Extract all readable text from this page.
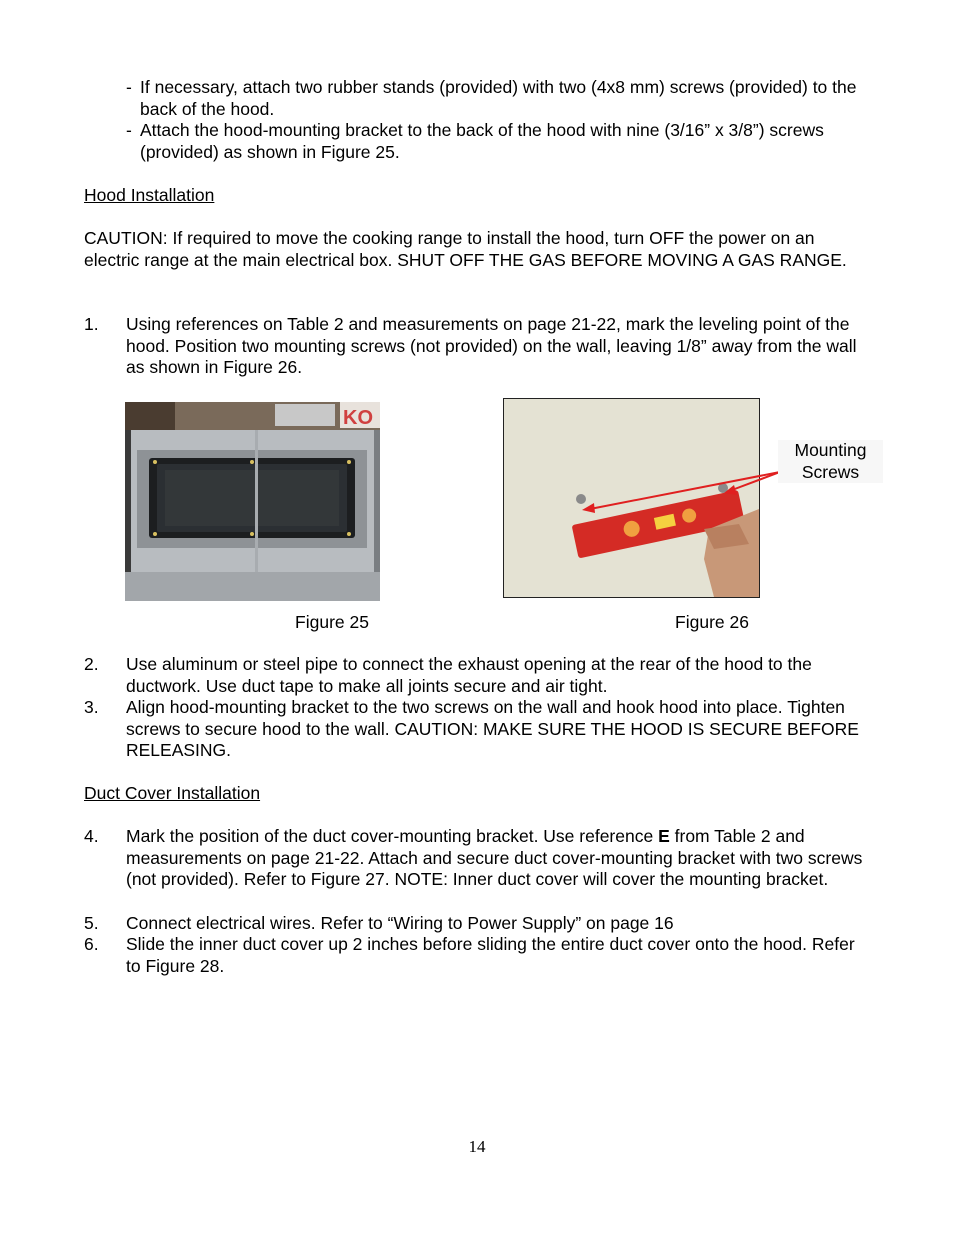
- If necessary, attach two rubber stands (provided) with two (4x8 mm) screws (provided) to the back of the hood.
- Attach the hood-mounting bracket to the back of the hood with nine (3/16” x 3/8”) screws (provided) as shown in Figure 25.
Hood Installation
CAUTION: If required to move the cooking range to install the hood, turn OFF the power on an electric range at the main electrical box. SHUT OFF THE GAS BEFORE MOVING A GAS RANGE.
1. Using references on Table 2 and measurements on page 21-22, mark the leveling point of the hood. Position two mounting screws (not provided) on the wall, leaving 1/8” away from the wall as shown in Figure 26.
KO
Mounting Screws
Figure 25	Figure 26
2. Use aluminum or steel pipe to connect the exhaust opening at the rear of the hood to the ductwork. Use duct tape to make all joints secure and air tight.
3. Align hood-mounting bracket to the two screws on the wall and hook hood into place. Tighten screws to secure hood to the wall. CAUTION: MAKE SURE THE HOOD IS SECURE BEFORE RELEASING.
Duct Cover Installation
4. Mark the position of the duct cover-mounting bracket. Use reference E from Table 2 and measurements on page 21-22. Attach and secure duct cover-mounting bracket with two screws (not provided). Refer to Figure 27. NOTE: Inner duct cover will cover the mounting bracket.
5. Connect electrical wires. Refer to “Wiring to Power Supply” on page 16
6. Slide the inner duct cover up 2 inches before sliding the entire duct cover onto the hood. Refer to Figure 28.
14
